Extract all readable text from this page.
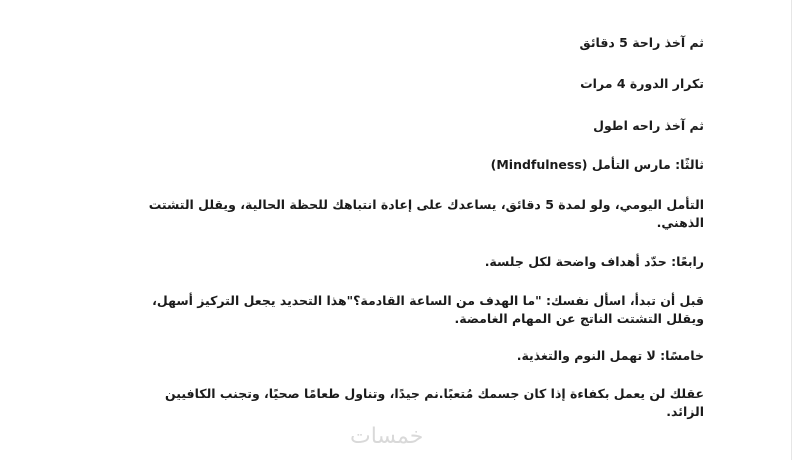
ثم آخذ راحة 5 دقائق
تكرار الدورة 4 مرات
ثم آخذ راحه اطول
ثالثًا: مارس التأمل (Mindfulness)
التأمل اليومي، ولو لمدة 5 دقائق، يساعدك على إعادة انتباهك للحظة الحالية، ويقلل التشتت الذهني.
رابعًا: حدّد أهداف واضحة لكل جلسة.
قبل أن تبدأ، اسأل نفسك: "ما الهدف من الساعة القادمة؟"هذا التحديد يجعل التركيز أسهل، ويقلل التشتت الناتج عن المهام الغامضة.
خامسًا: لا تهمل النوم والتغذية.
عقلك لن يعمل بكفاءة إذا كان جسمك مُتعبًا.نم جيدًا، وتناول طعامًا صحيًا، وتجنب الكافيين الزائد.
خمسات
